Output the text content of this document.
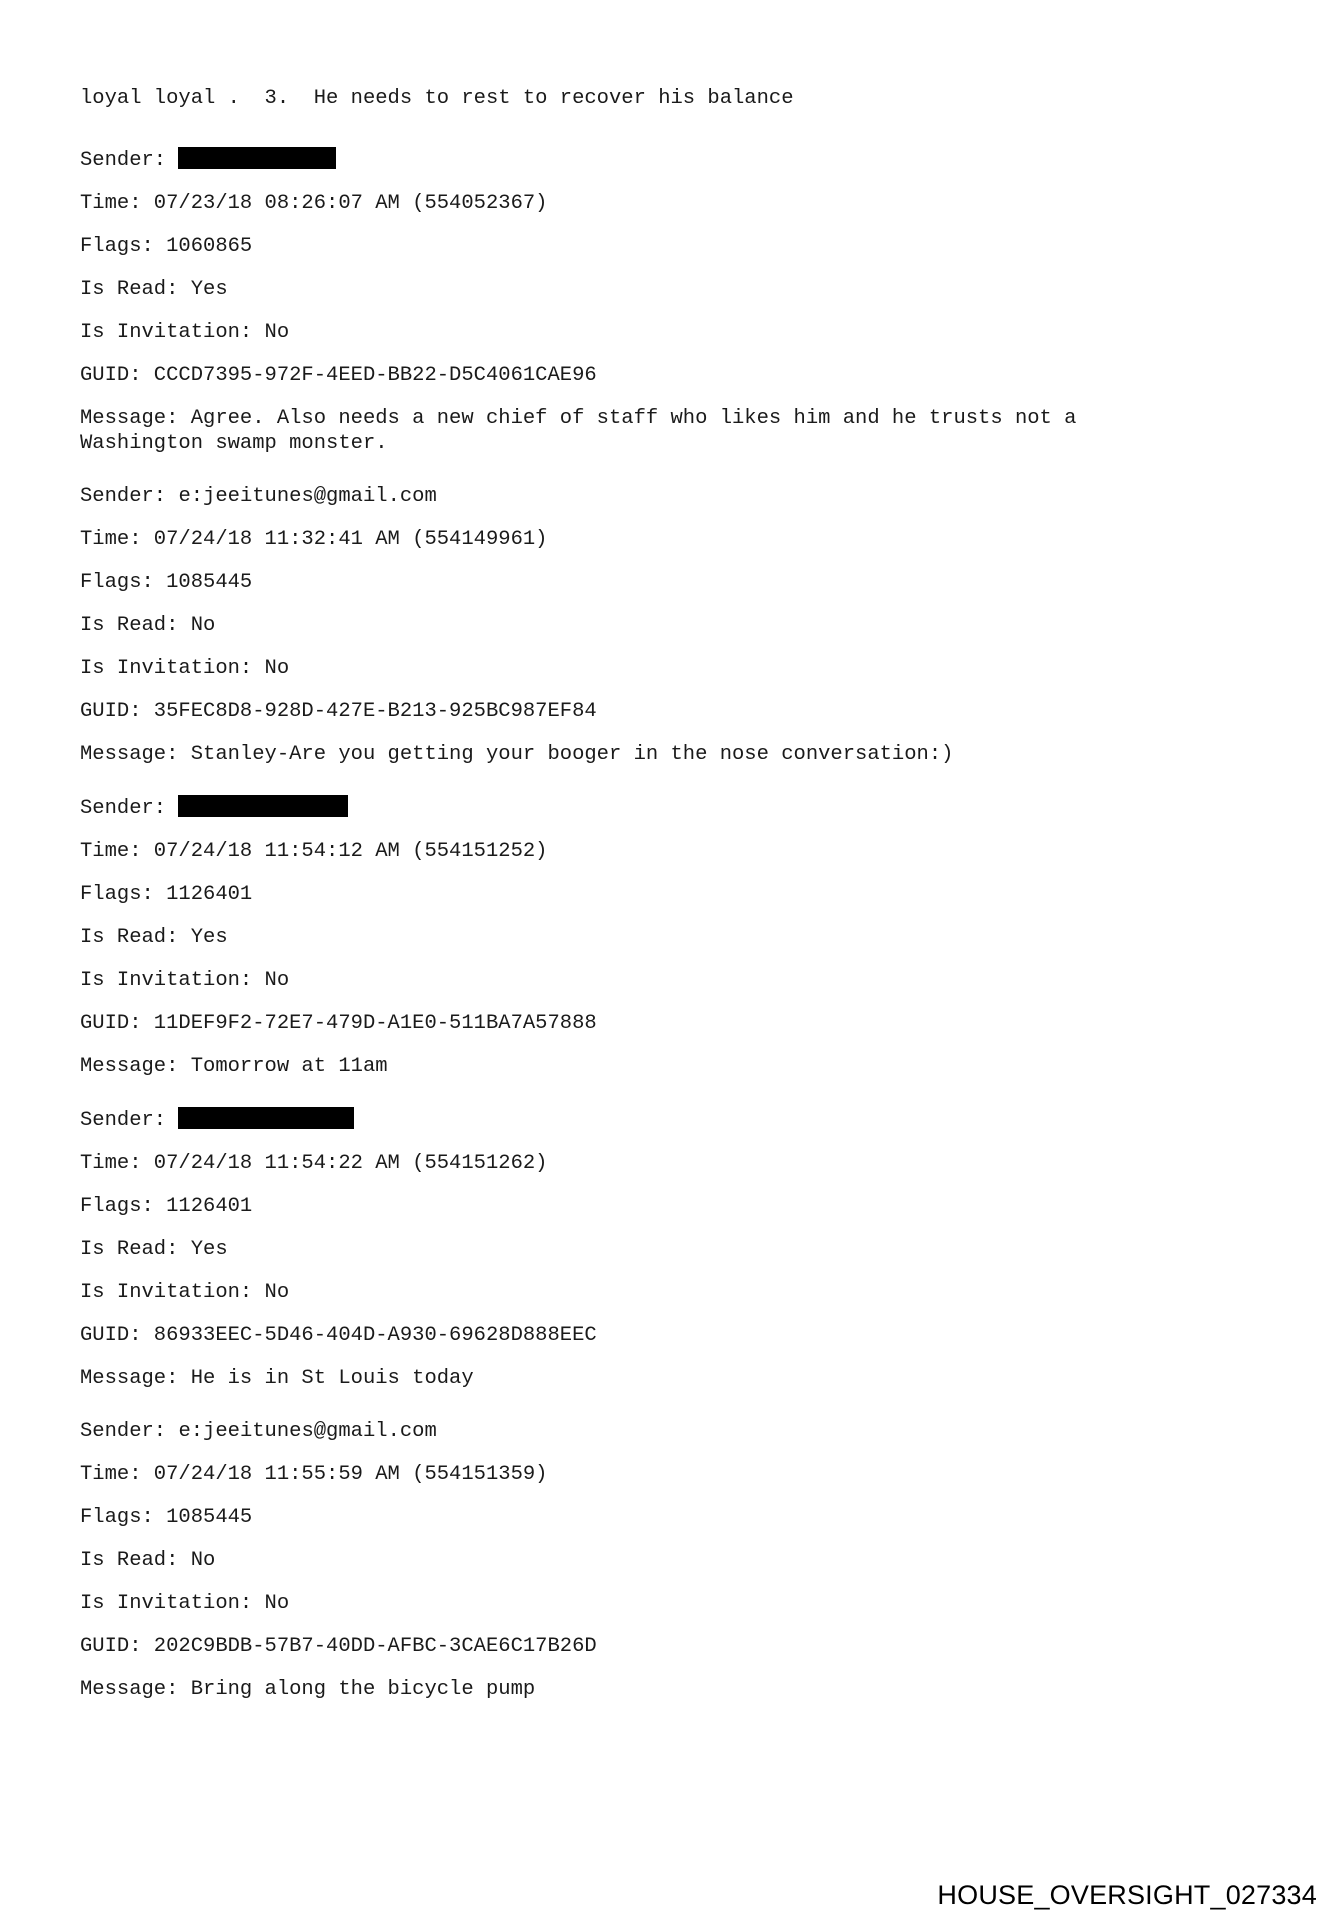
loyal loyal .  3.  He needs to rest to recover his balance
Sender:
Time: 07/23/18 08:26:07 AM (554052367)
Flags: 1060865
Is Read: Yes
Is Invitation: No
GUID: CCCD7395-972F-4EED-BB22-D5C4061CAE96
Message: Agree. Also needs a new chief of staff who likes him and he trusts not a Washington swamp monster.
Sender: e:jeeitunes@gmail.com
Time: 07/24/18 11:32:41 AM (554149961)
Flags: 1085445
Is Read: No
Is Invitation: No
GUID: 35FEC8D8-928D-427E-B213-925BC987EF84
Message: Stanley-Are you getting your booger in the nose conversation:)
Sender:
Time: 07/24/18 11:54:12 AM (554151252)
Flags: 1126401
Is Read: Yes
Is Invitation: No
GUID: 11DEF9F2-72E7-479D-A1E0-511BA7A57888
Message: Tomorrow at 11am
Sender:
Time: 07/24/18 11:54:22 AM (554151262)
Flags: 1126401
Is Read: Yes
Is Invitation: No
GUID: 86933EEC-5D46-404D-A930-69628D888EEC
Message: He is in St Louis today
Sender: e:jeeitunes@gmail.com
Time: 07/24/18 11:55:59 AM (554151359)
Flags: 1085445
Is Read: No
Is Invitation: No
GUID: 202C9BDB-57B7-40DD-AFBC-3CAE6C17B26D
Message: Bring along the bicycle pump
HOUSE_OVERSIGHT_027334
